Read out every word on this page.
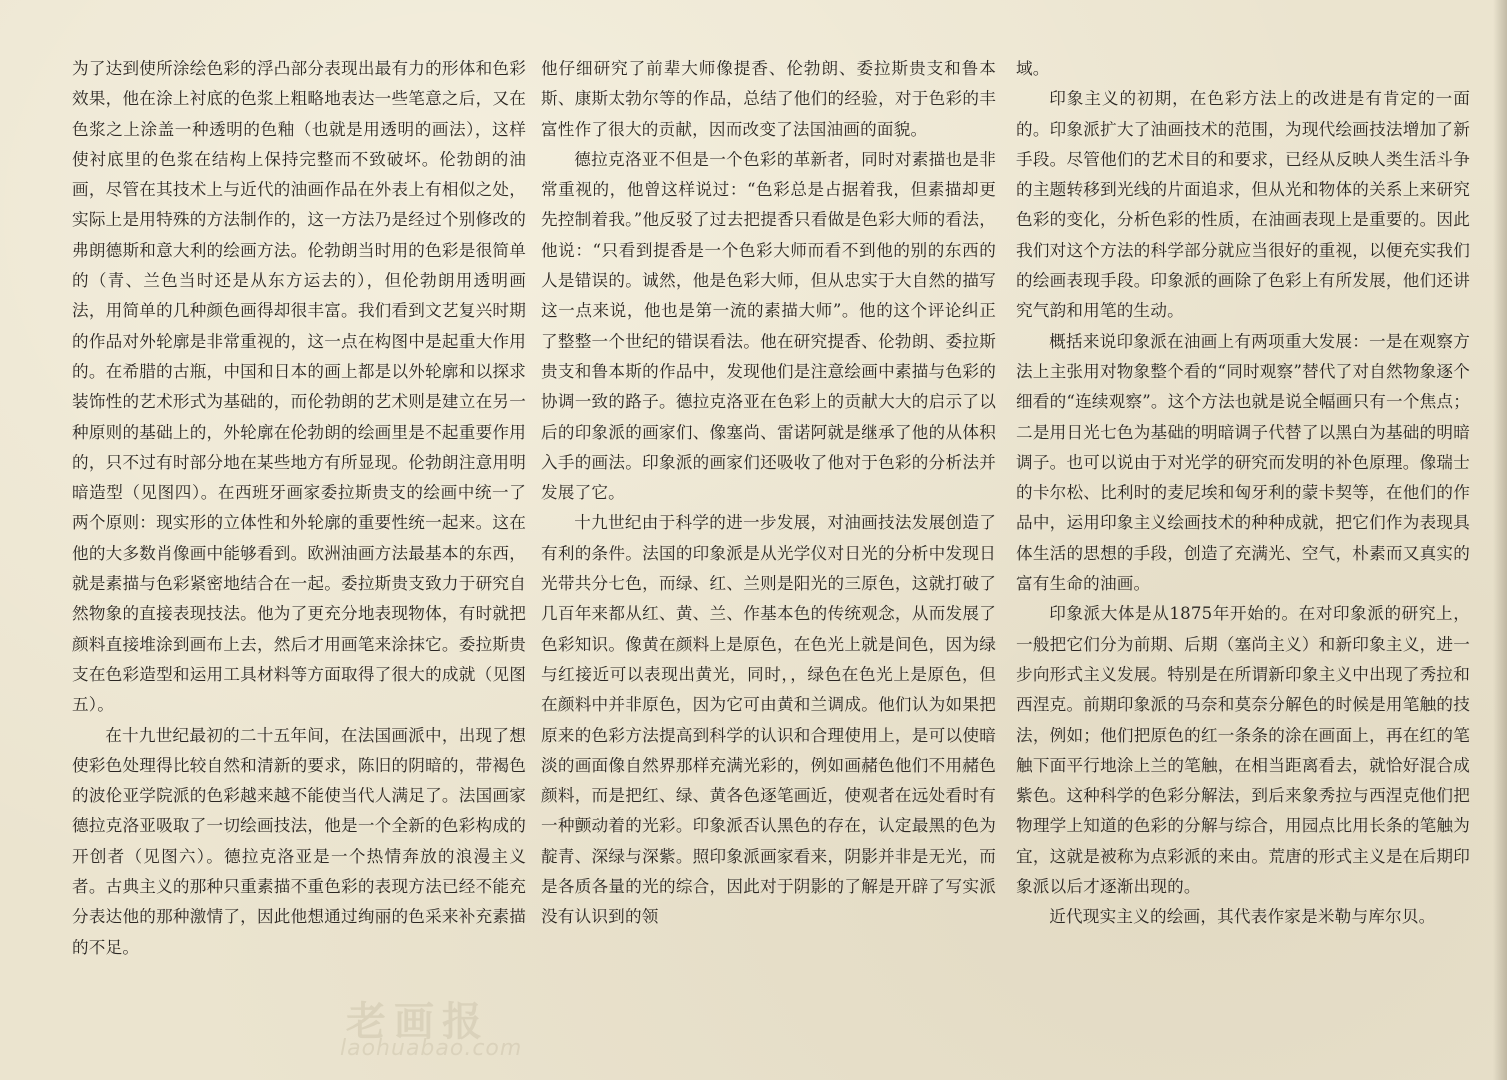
为了达到使所涂绘色彩的浮凸部分表现出最有力的形体和色彩效果，他在涂上衬底的色浆上粗略地表达一些笔意之后，又在色浆之上涂盖一种透明的色釉（也就是用透明的画法），这样使衬底里的色浆在结构上保持完整而不致破坏。伦勃朗的油画，尽管在其技术上与近代的油画作品在外表上有相似之处，实际上是用特殊的方法制作的，这一方法乃是经过个别修改的弗朗德斯和意大利的绘画方法。伦勃朗当时用的色彩是很简单的（青、兰色当时还是从东方运去的），但伦勃朗用透明画法，用简单的几种颜色画得却很丰富。我们看到文艺复兴时期的作品对外轮廓是非常重视的，这一点在构图中是起重大作用的。在希腊的古瓶，中国和日本的画上都是以外轮廓和以探求装饰性的艺术形式为基础的，而伦勃朗的艺术则是建立在另一种原则的基础上的，外轮廓在伦勃朗的绘画里是不起重要作用的，只不过有时部分地在某些地方有所显现。伦勃朗注意用明暗造型（见图四）。在西班牙画家委拉斯贵支的绘画中统一了两个原则：现实形的立体性和外轮廓的重要性统一起来。这在他的大多数肖像画中能够看到。欧洲油画方法最基本的东西，就是素描与色彩紧密地结合在一起。委拉斯贵支致力于研究自然物象的直接表现技法。他为了更充分地表现物体，有时就把颜料直接堆涂到画布上去，然后才用画笔来涂抹它。委拉斯贵支在色彩造型和运用工具材料等方面取得了很大的成就（见图五）。

在十九世纪最初的二十五年间，在法国画派中，出现了想使彩色处理得比较自然和清新的要求，陈旧的阴暗的，带褐色的波伦亚学院派的色彩越来越不能使当代人满足了。法国画家德拉克洛亚吸取了一切绘画技法，他是一个全新的色彩构成的开创者（见图六）。德拉克洛亚是一个热情奔放的浪漫主义者。古典主义的那种只重素描不重色彩的表现方法已经不能充分表达他的那种激情了，因此他想通过绚丽的色采来补充素描的不足。

他仔细研究了前辈大师像提香、伦勃朗、委拉斯贵支和鲁本斯、康斯太勃尔等的作品，总结了他们的经验，对于色彩的丰富性作了很大的贡献，因而改变了法国油画的面貌。

德拉克洛亚不但是一个色彩的革新者，同时对素描也是非常重视的，他曾这样说过：“色彩总是占据着我，但素描却更先控制着我。”他反驳了过去把提香只看做是色彩大师的看法，他说：“只看到提香是一个色彩大师而看不到他的别的东西的人是错误的。诚然，他是色彩大师，但从忠实于大自然的描写这一点来说，他也是第一流的素描大师”。他的这个评论纠正了整整一个世纪的错误看法。他在研究提香、伦勃朗、委拉斯贵支和鲁本斯的作品中，发现他们是注意绘画中素描与色彩的协调一致的路子。德拉克洛亚在色彩上的贡献大大的启示了以后的印象派的画家们、像塞尚、雷诺阿就是继承了他的从体积入手的画法。印象派的画家们还吸收了他对于色彩的分析法并发展了它。

十九世纪由于科学的进一步发展，对油画技法发展创造了有利的条件。法国的印象派是从光学仪对日光的分析中发现日光带共分七色，而绿、红、兰则是阳光的三原色，这就打破了几百年来都从红、黄、兰、作基本色的传统观念，从而发展了色彩知识。像黄在颜料上是原色，在色光上就是间色，因为绿与红接近可以表现出黄光，同时，，绿色在色光上是原色，但在颜料中并非原色，因为它可由黄和兰调成。他们认为如果把原来的色彩方法提高到科学的认识和合理使用上，是可以使暗淡的画面像自然界那样充满光彩的，例如画赭色他们不用赭色颜料，而是把红、绿、黄各色逐笔画近，使观者在远处看时有一种颤动着的光彩。印象派否认黑色的存在，认定最黑的色为靛青、深绿与深紫。照印象派画家看来，阴影并非是无光，而是各质各量的光的综合，因此对于阴影的了解是开辟了写实派没有认识到的领

域。

印象主义的初期，在色彩方法上的改进是有肯定的一面的。印象派扩大了油画技术的范围，为现代绘画技法增加了新手段。尽管他们的艺术目的和要求，已经从反映人类生活斗争的主题转移到光线的片面追求，但从光和物体的关系上来研究色彩的变化，分析色彩的性质，在油画表现上是重要的。因此我们对这个方法的科学部分就应当很好的重视，以便充实我们的绘画表现手段。印象派的画除了色彩上有所发展，他们还讲究气韵和用笔的生动。

概括来说印象派在油画上有两项重大发展：一是在观察方法上主张用对物象整个看的“同时观察”替代了对自然物象逐个细看的“连续观察”。这个方法也就是说全幅画只有一个焦点；二是用日光七色为基础的明暗调子代替了以黑白为基础的明暗调子。也可以说由于对光学的研究而发明的补色原理。像瑞士的卡尔松、比利时的麦尼埃和匈牙利的蒙卡契等，在他们的作品中，运用印象主义绘画技术的种种成就，把它们作为表现具体生活的思想的手段，创造了充满光、空气，朴素而又真实的富有生命的油画。

印象派大体是从1875年开始的。在对印象派的研究上，一般把它们分为前期、后期（塞尚主义）和新印象主义，进一步向形式主义发展。特别是在所谓新印象主义中出现了秀拉和西涅克。前期印象派的马奈和莫奈分解色的时候是用笔触的技法，例如；他们把原色的红一条条的涂在画面上，再在红的笔触下面平行地涂上兰的笔触，在相当距离看去，就恰好混合成紫色。这种科学的色彩分解法，到后来象秀拉与西涅克他们把物理学上知道的色彩的分解与综合，用园点比用长条的笔触为宜，这就是被称为点彩派的来由。荒唐的形式主义是在后期印象派以后才逐渐出现的。

近代现实主义的绘画，其代表作家是米勒与库尔贝。

老画报
laohuabao.com
